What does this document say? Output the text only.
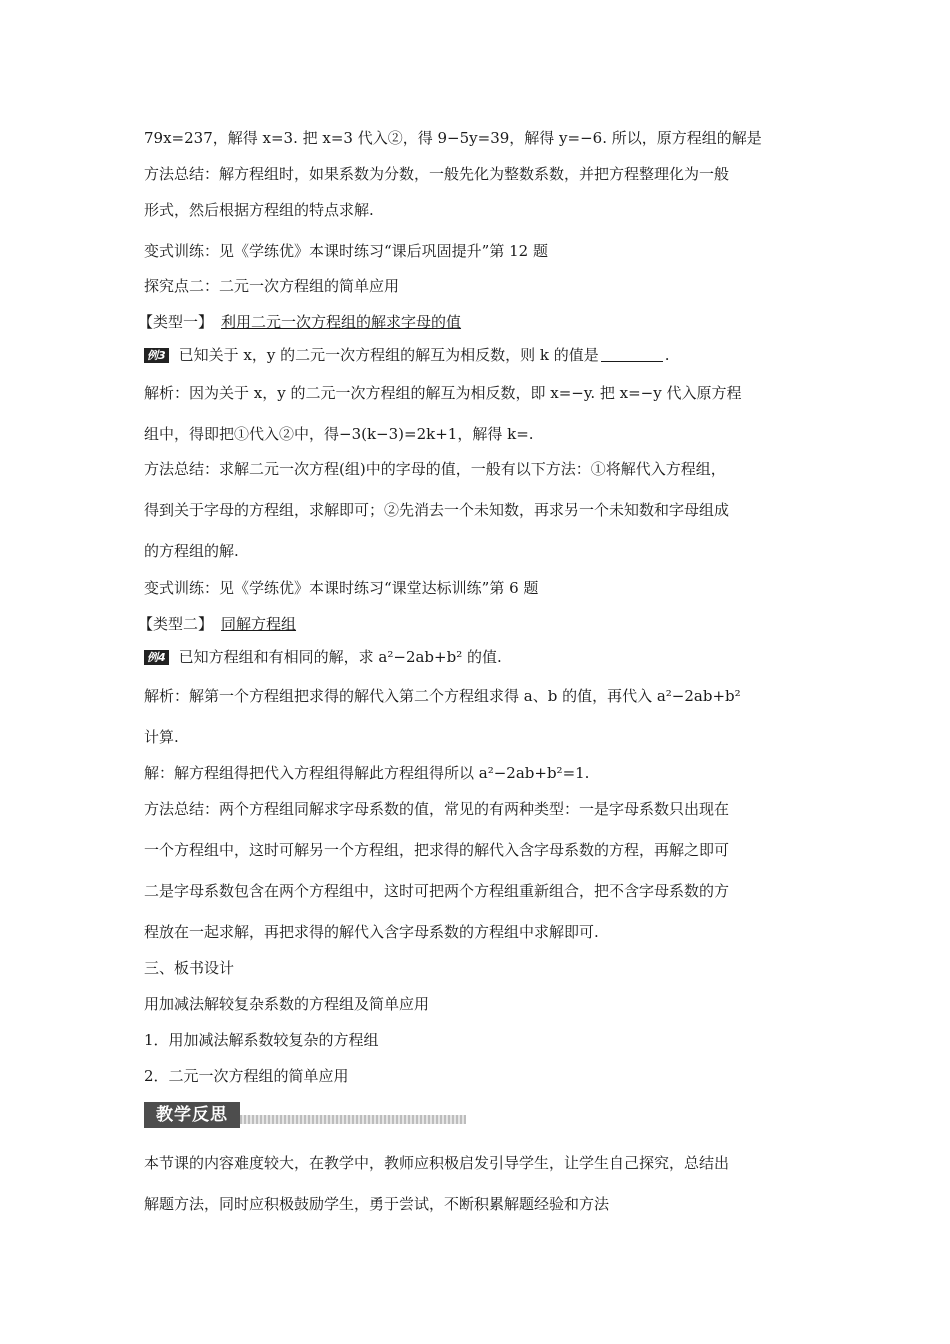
79x=237，解得 x=3. 把 x=3 代入②，得 9−5y=39，解得 y=−6. 所以，原方程组的解是
方法总结：解方程组时，如果系数为分数，一般先化为整数系数，并把方程整理化为一般
形式，然后根据方程组的特点求解.
变式训练：见《学练优》本课时练习“课后巩固提升”第 12 题
探究点二：二元一次方程组的简单应用
【类型一】 利用二元一次方程组的解求字母的值
例3 已知关于 x，y 的二元一次方程组的解互为相反数，则 k 的值是	.
解析：因为关于 x，y 的二元一次方程组的解互为相反数，即 x=−y. 把 x=−y 代入原方程
组中，得即把①代入②中，得−3(k−3)=2k+1，解得 k=.
方法总结：求解二元一次方程(组)中的字母的值，一般有以下方法：①将解代入方程组，
得到关于字母的方程组，求解即可；②先消去一个未知数，再求另一个未知数和字母组成
的方程组的解.
变式训练：见《学练优》本课时练习“课堂达标训练”第 6 题
【类型二】 同解方程组
例4 已知方程组和有相同的解，求 a²−2ab+b² 的值.
解析：解第一个方程组把求得的解代入第二个方程组求得 a、b 的值，再代入 a²−2ab+b²
计算.
解：解方程组得把代入方程组得解此方程组得所以 a²−2ab+b²=1.
方法总结：两个方程组同解求字母系数的值，常见的有两种类型：一是字母系数只出现在
一个方程组中，这时可解另一个方程组，把求得的解代入含字母系数的方程，再解之即可
二是字母系数包含在两个方程组中，这时可把两个方程组重新组合，把不含字母系数的方
程放在一起求解，再把求得的解代入含字母系数的方程组中求解即可.
三、板书设计
用加减法解较复杂系数的方程组及简单应用
1．用加减法解系数较复杂的方程组
2．二元一次方程组的简单应用
教学反思
本节课的内容难度较大，在教学中，教师应积极启发引导学生，让学生自己探究，总结出
解题方法，同时应积极鼓励学生，勇于尝试，不断积累解题经验和方法
